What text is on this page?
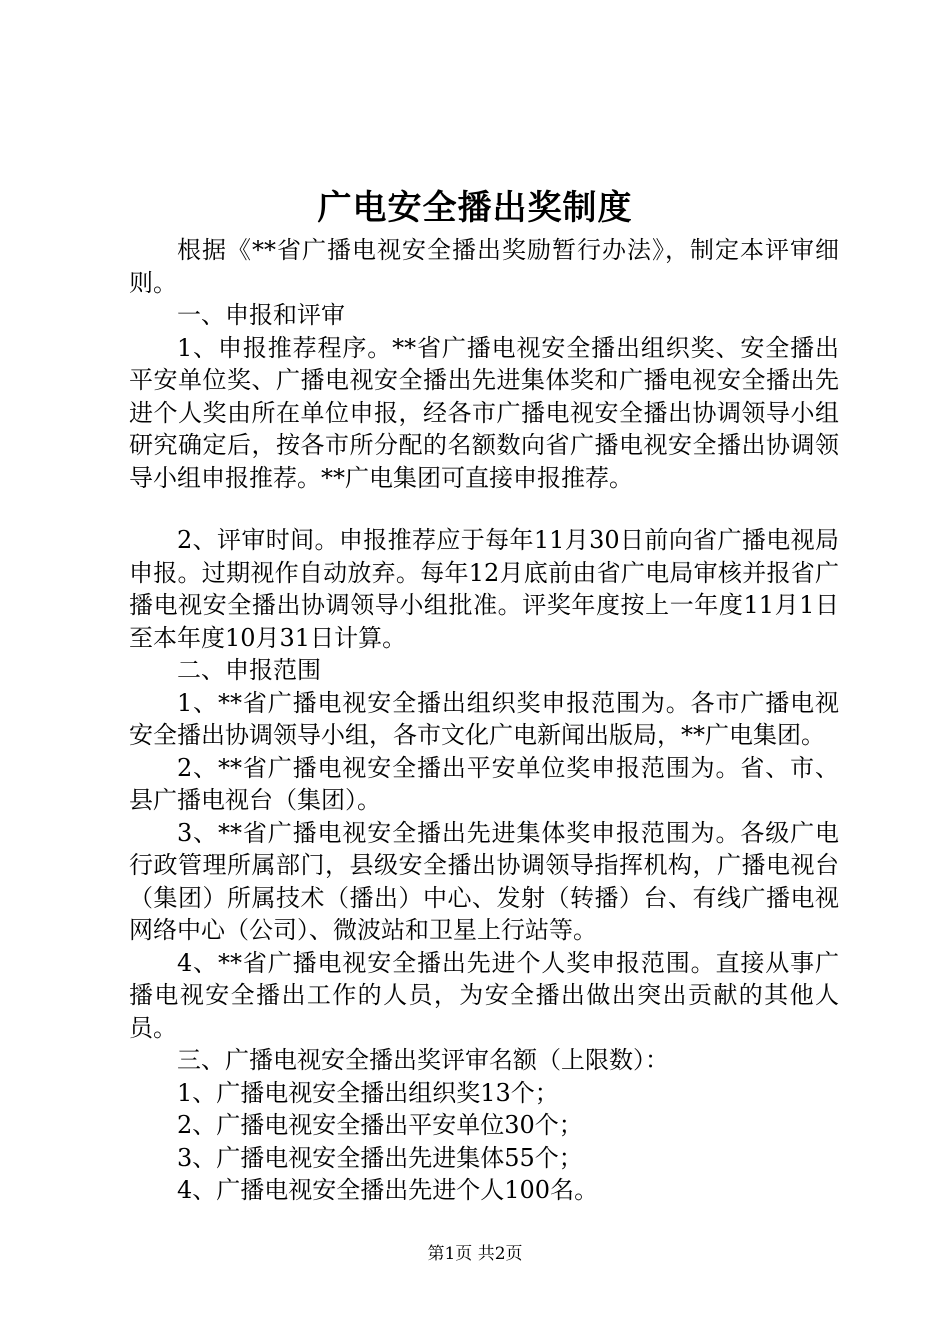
广电安全播出奖制度

根据《**省广播电视安全播出奖励暂行办法》，制定本评审细则。

一、申报和评审

1、申报推荐程序。**省广播电视安全播出组织奖、安全播出平安单位奖、广播电视安全播出先进集体奖和广播电视安全播出先进个人奖由所在单位申报，经各市广播电视安全播出协调领导小组研究确定后，按各市所分配的名额数向省广播电视安全播出协调领导小组申报推荐。**广电集团可直接申报推荐。

2、评审时间。申报推荐应于每年11月30日前向省广播电视局申报。过期视作自动放弃。每年12月底前由省广电局审核并报省广播电视安全播出协调领导小组批准。评奖年度按上一年度11月1日至本年度10月31日计算。

二、申报范围

1、**省广播电视安全播出组织奖申报范围为。各市广播电视安全播出协调领导小组，各市文化广电新闻出版局，**广电集团。

2、**省广播电视安全播出平安单位奖申报范围为。省、市、县广播电视台（集团）。

3、**省广播电视安全播出先进集体奖申报范围为。各级广电行政管理所属部门，县级安全播出协调领导指挥机构，广播电视台（集团）所属技术（播出）中心、发射（转播）台、有线广播电视网络中心（公司）、微波站和卫星上行站等。

4、**省广播电视安全播出先进个人奖申报范围。直接从事广播电视安全播出工作的人员，为安全播出做出突出贡献的其他人员。

三、广播电视安全播出奖评审名额（上限数）：

1、广播电视安全播出组织奖13个；

2、广播电视安全播出平安单位30个；

3、广播电视安全播出先进集体55个；

4、广播电视安全播出先进个人100名。

第1页 共2页
